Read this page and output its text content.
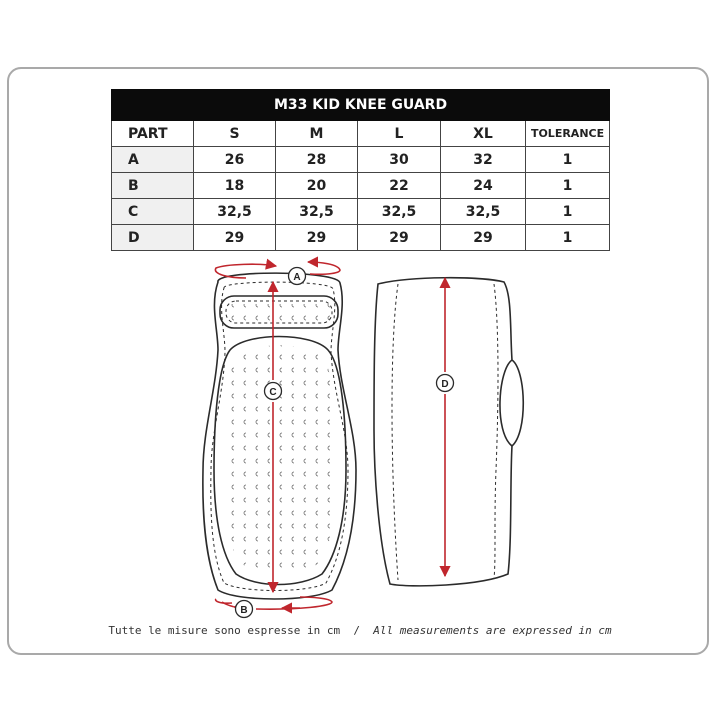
M33 KID KNEE GUARD					
PART	S	M	L	XL	TOLERANCE
A	26	28	30	32	1
B	18	20	22	24	1
C	32,5	32,5	32,5	32,5	1
D	29	29	29	29	1
A
B
C
D
Tutte le misure sono espresse in cm / All measurements are expressed in cm
